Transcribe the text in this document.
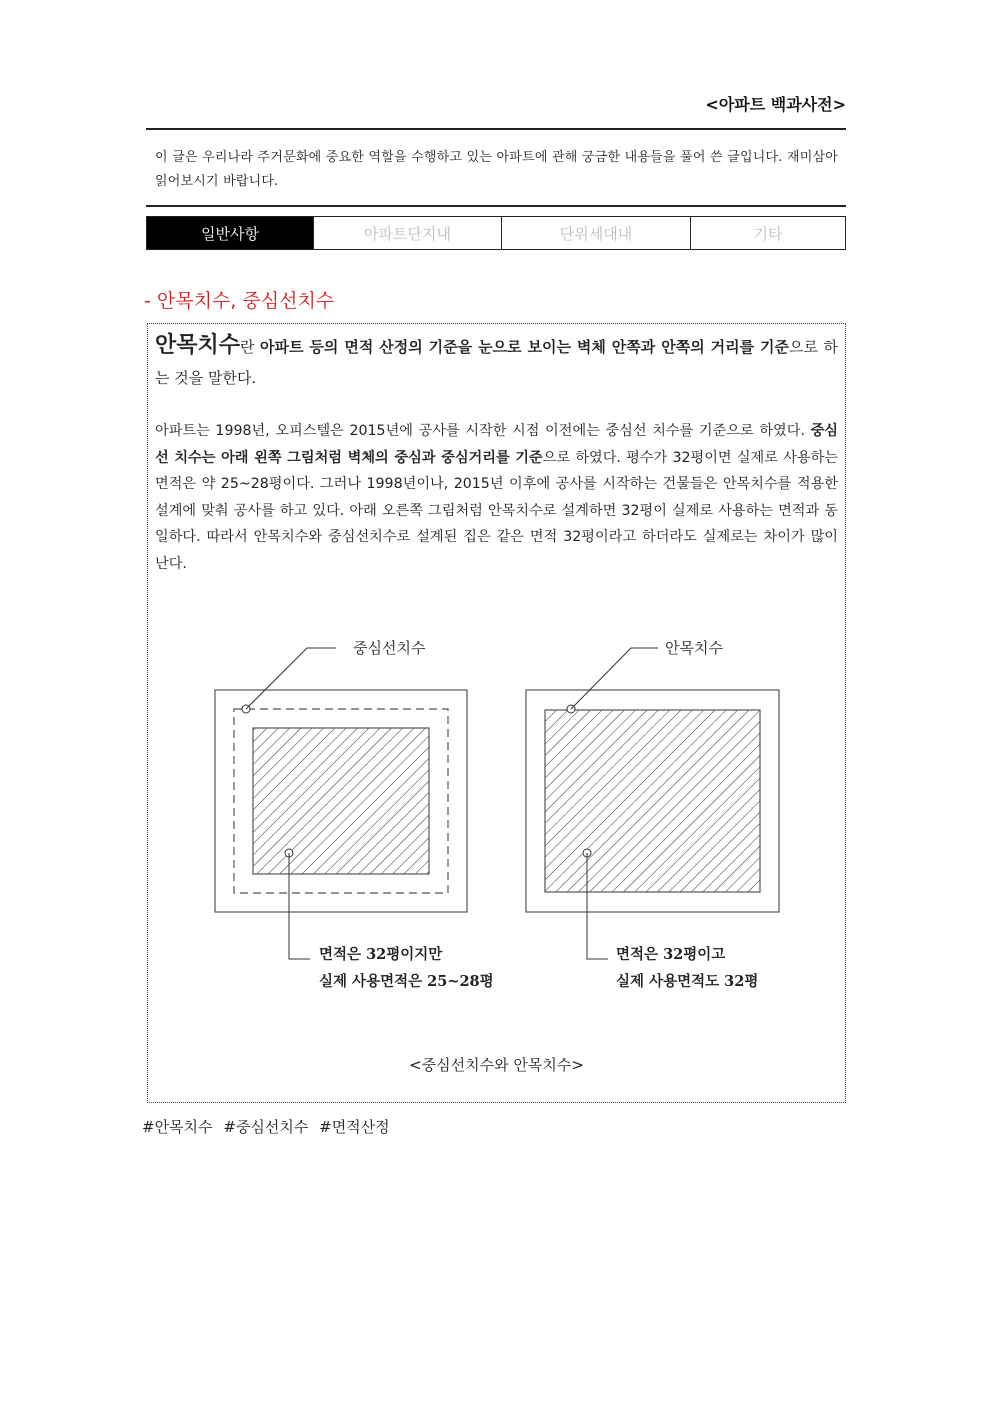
<아파트 백과사전>
이 글은 우리나라 주거문화에 중요한 역할을 수행하고 있는 아파트에 관해 궁금한 내용들을 풀어 쓴 글입니다. 재미삼아 읽어보시기 바랍니다.
일반사항	아파트단지내	단위세대내	기타
- 안목치수, 중심선치수
안목치수란 아파트 등의 면적 산정의 기준을 눈으로 보이는 벽체 안쪽과 안쪽의 거리를 기준으로 하는 것을 말한다.
아파트는 1998년, 오피스텔은 2015년에 공사를 시작한 시점 이전에는 중심선 치수를 기준으로 하였다. 중심선 치수는 아래 왼쪽 그림처럼 벽체의 중심과 중심거리를 기준으로 하였다. 평수가 32평이면 실제로 사용하는 면적은 약 25~28평이다. 그러나 1998년이나, 2015년 이후에 공사를 시작하는 건물들은 안목치수를 적용한 설계에 맞춰 공사를 하고 있다. 아래 오른쪽 그림처럼 안목치수로 설계하면 32평이 실제로 사용하는 면적과 동일하다. 따라서 안목치수와 중심선치수로 설계된 집은 같은 면적 32평이라고 하더라도 실제로는 차이가 많이 난다.
중심선치수
면적은 32평이지만
실제 사용면적은 25~28평
안목치수
면적은 32평이고
실제 사용면적도 32평
<중심선치수와 안목치수>
#안목치수 #중심선치수 #면적산정
